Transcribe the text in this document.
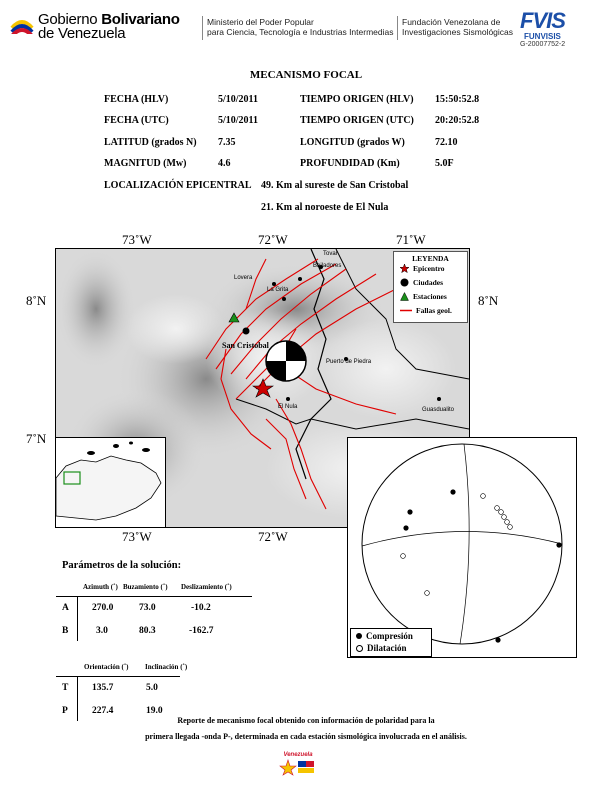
Gobierno Bolivariano
de Venezuela
Ministerio del Poder Popular
para Ciencia, Tecnología e Industrias Intermedias
Fundación Venezolana de
Investigaciones Sismológicas FVIS
FUNVISIS
G-20007752-2
MECANISMO FOCAL
FECHA (HLV)	5/10/2011	TIEMPO ORIGEN (HLV) 15:50:52.8
FECHA (UTC)	5/10/2011	TIEMPO ORIGEN (UTC) 20:20:52.8
LATITUD (grados N) 7.35	LONGITUD (grados W)	72.10
MAGNITUD (Mw)	4.6	PROFUNDIDAD (Km)	5.0F
LOCALIZACIÓN EPICENTRAL 49. Km al sureste de San Cristobal
21. Km al noroeste de El Nula
73˚W	72˚W	71˚W
8˚N	8˚N
7˚N
73˚W	72˚W
Tovar
Bailadores
Lovera
La Grita
San Cristobal
Puerto de Piedra
El Nula	Guasdualito
LEYENDA
Epicentro
Ciudades
Estaciones
Fallas geol.
Compresión
Dilatación
Parámetros de la solución:
Azimuth (˚) Buzamiento (˚) Deslizamiento (˚)
A 270.0	73.0	-10.2
B	3.0	80.3	-162.7
Orientación (˚) Inclinación (˚)
T 135.7	5.0
P	227.4	19.0
Reporte de mecanismo focal obtenido con información de polaridad para la
primera llegada -onda P-, determinada en cada estación sismológica involucrada en el análisis.
Venezuela
